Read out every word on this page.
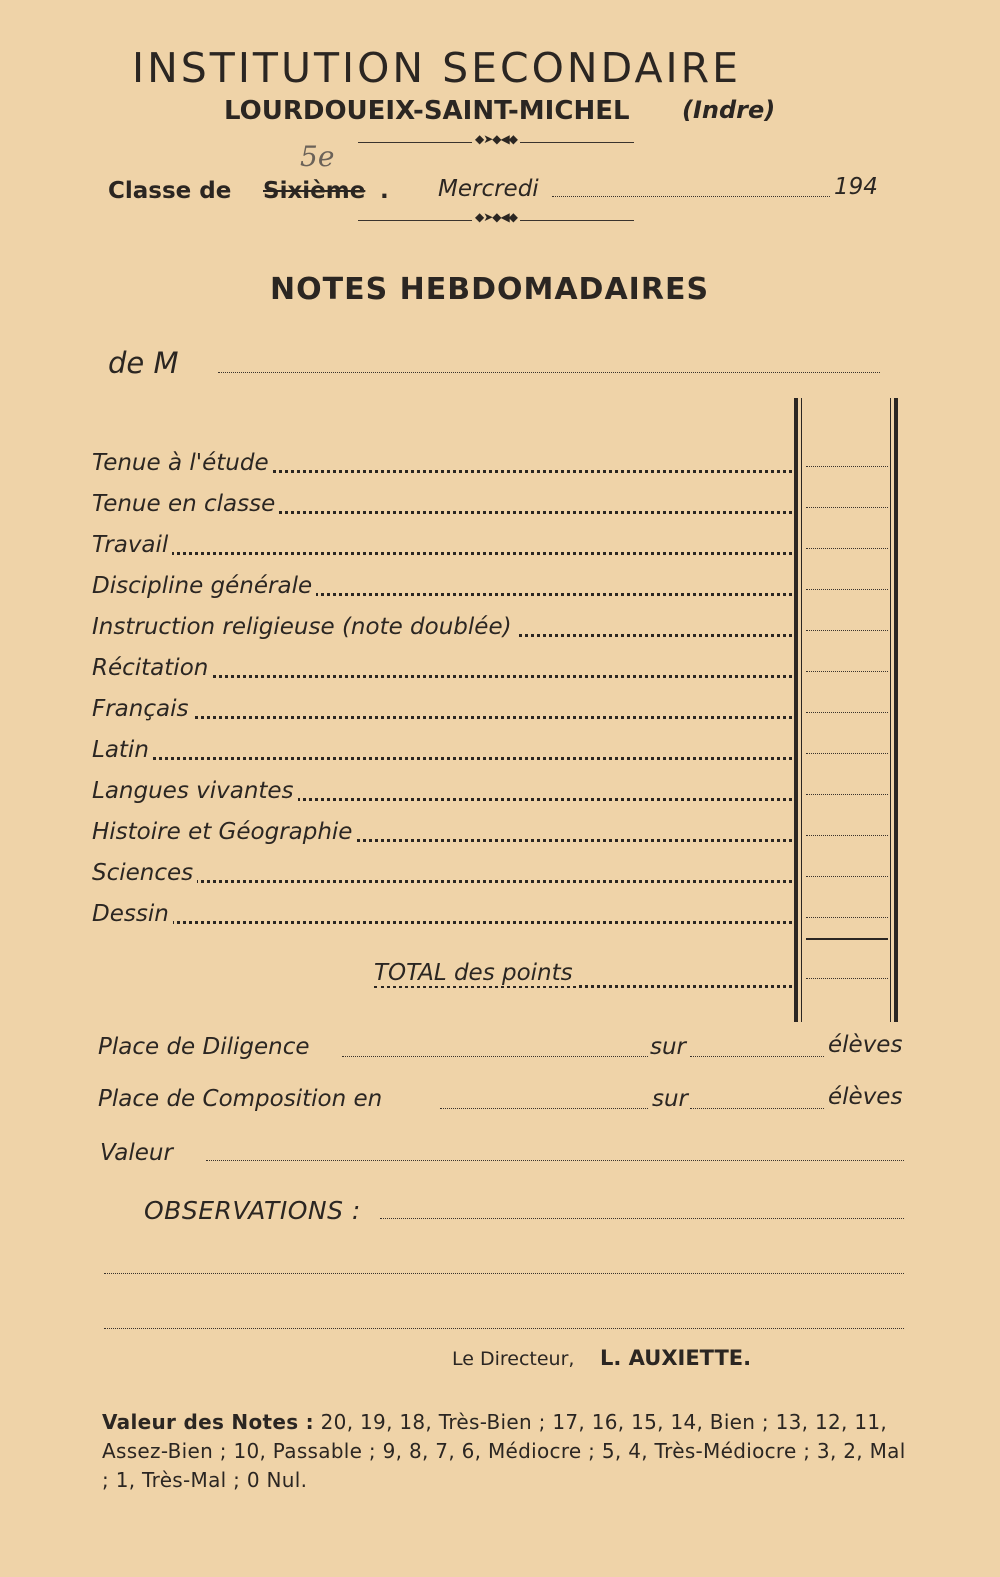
INSTITUTION SECONDAIRE
LOURDOUEIX-SAINT-MICHEL (Indre)
◆➤◆◀◆
5e
Classe de Sixième . Mercredi	194
◆➤◆◀◆
NOTES HEBDOMADAIRES
de M
Tenue à l'étude
Tenue en classe
Travail
Discipline générale
Instruction religieuse (note doublée)
Récitation
Français
Latin
Langues vivantes
Histoire et Géographie
Sciences
Dessin
TOTAL des points
Place de Diligence	sur	élèves
Place de Composition en	sur	élèves
Valeur
OBSERVATIONS :
Le Directeur, L. AUXIETTE.
Valeur des Notes : 20, 19, 18, Très-Bien ; 17, 16, 15, 14, Bien ; 13, 12, 11, Assez-Bien ; 10, Passable ; 9, 8, 7, 6, Médiocre ; 5, 4, Très-Médiocre ; 3, 2, Mal ; 1, Très-Mal ; 0 Nul.
